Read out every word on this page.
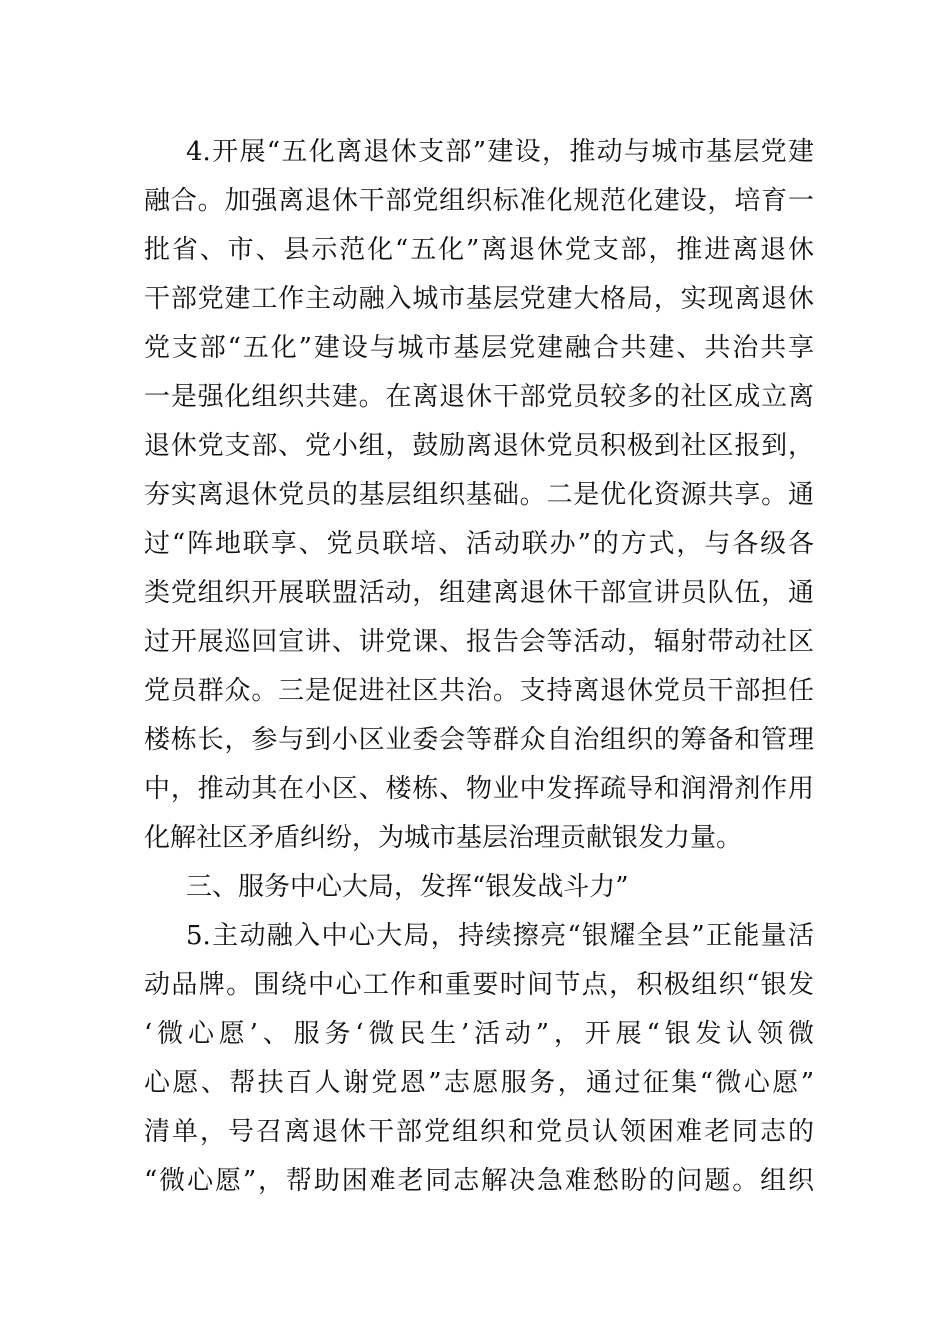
4.开展“五化离退休支部”建设，推动与城市基层党建
融合。加强离退休干部党组织标准化规范化建设，培育一
批省、市、县示范化“五化”离退休党支部，推进离退休
干部党建工作主动融入城市基层党建大格局，实现离退休
党支部“五化”建设与城市基层党建融合共建、共治共享
一是强化组织共建。在离退休干部党员较多的社区成立离
退休党支部、党小组，鼓励离退休党员积极到社区报到，
夯实离退休党员的基层组织基础。二是优化资源共享。通
过“阵地联享、党员联培、活动联办”的方式，与各级各
类党组织开展联盟活动，组建离退休干部宣讲员队伍，通
过开展巡回宣讲、讲党课、报告会等活动，辐射带动社区
党员群众。三是促进社区共治。支持离退休党员干部担任
楼栋长，参与到小区业委会等群众自治组织的筹备和管理
中，推动其在小区、楼栋、物业中发挥疏导和润滑剂作用
化解社区矛盾纠纷，为城市基层治理贡献银发力量。
三、服务中心大局，发挥“银发战斗力”
5.主动融入中心大局，持续擦亮“银耀全县”正能量活
动品牌。围绕中心工作和重要时间节点，积极组织“银发
‘微心愿’、服务‘微民生’活动”，开展“银发认领微
心愿、帮扶百人谢党恩”志愿服务，通过征集“微心愿”
清单，号召离退休干部党组织和党员认领困难老同志的
“微心愿”，帮助困难老同志解决急难愁盼的问题。组织
